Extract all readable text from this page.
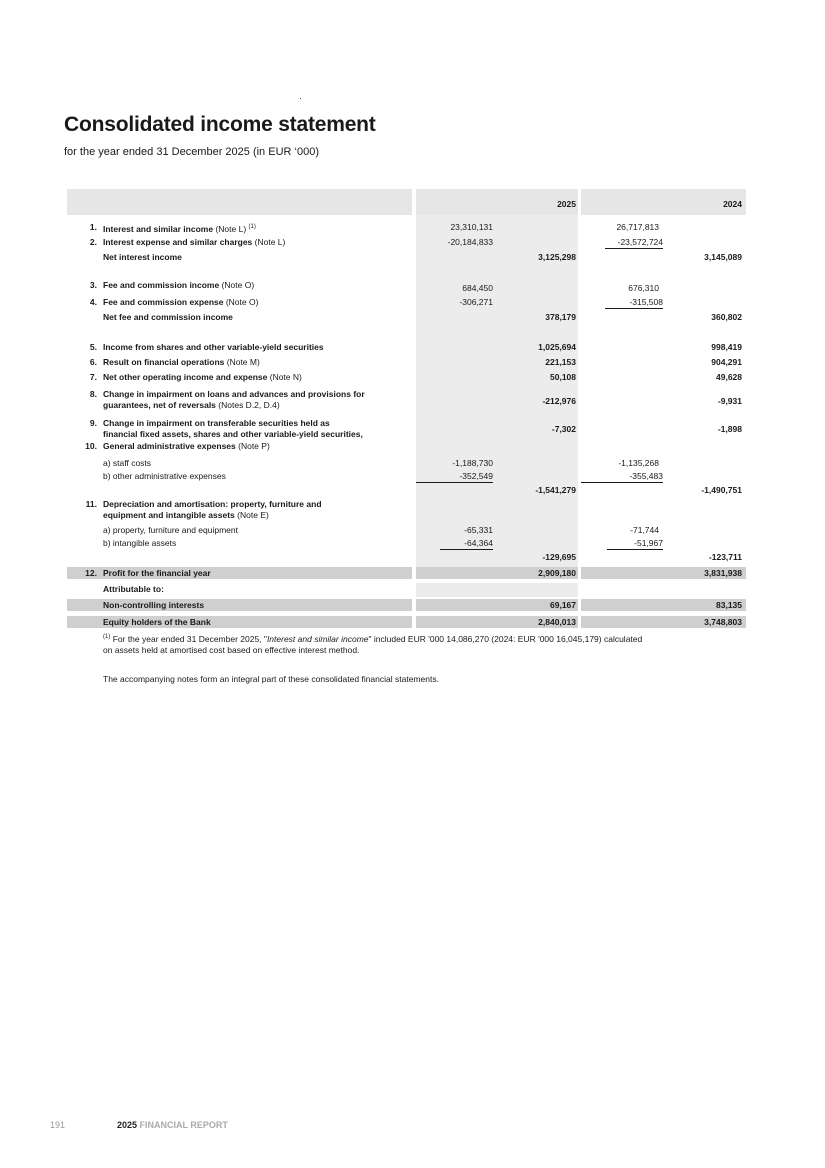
Consolidated income statement
for the year ended 31 December 2025 (in EUR ‘000)
2025	2024
1. Interest and similar income (Note L) $^{(1)}$	23,310,131	26,717,813
2. Interest expense and similar charges (Note L)	-20,184,833	-23,572,724
Net interest income	3,125,298	3,145,089
3. Fee and commission income (Note O)	684,450	676,310
4. Fee and commission expense (Note O)	-306,271	-315,508
Net fee and commission income	378,179	360,802
5. Income from shares and other variable-yield securities	1,025,694	998,419
6. Result on financial operations (Note M)	221,153	904,291
7. Net other operating income and expense (Note N)	50,108	49,628
8. Change in impairment on loans and advances and provisions for
guarantees, net of reversals (Notes D.2, D.4)	-212,976	-9,931
9. Change in impairment on transferable securities held as
financial fixed assets, shares and other variable-yield securities,	-7,302	-1,898
10. General administrative expenses (Note P)
a) staff costs	-1,188,730	-1,135,268
b) other administrative expenses	-352,549	-355,483
-1,541,279	-1,490,751
11. Depreciation and amortisation: property, furniture and
equipment and intangible assets (Note E)
a) property, furniture and equipment	-65,331	-71,744
b) intangible assets	-64,364	-51,967
-129,695	-123,711
12. Profit for the financial year	2,909,180	3,831,938
Attributable to:
Non-controlling interests	69,167	83,135
Equity holders of the Bank	2,840,013	3,748,803
$^{(1)}$ For the year ended 31 December 2025, "Interest and similar income" included EUR '000 14,086,270 (2024: EUR '000 16,045,179) calculated
on assets held at amortised cost based on effective interest method.
The accompanying notes form an integral part of these consolidated financial statements.
191	2025 FINANCIAL REPORT
